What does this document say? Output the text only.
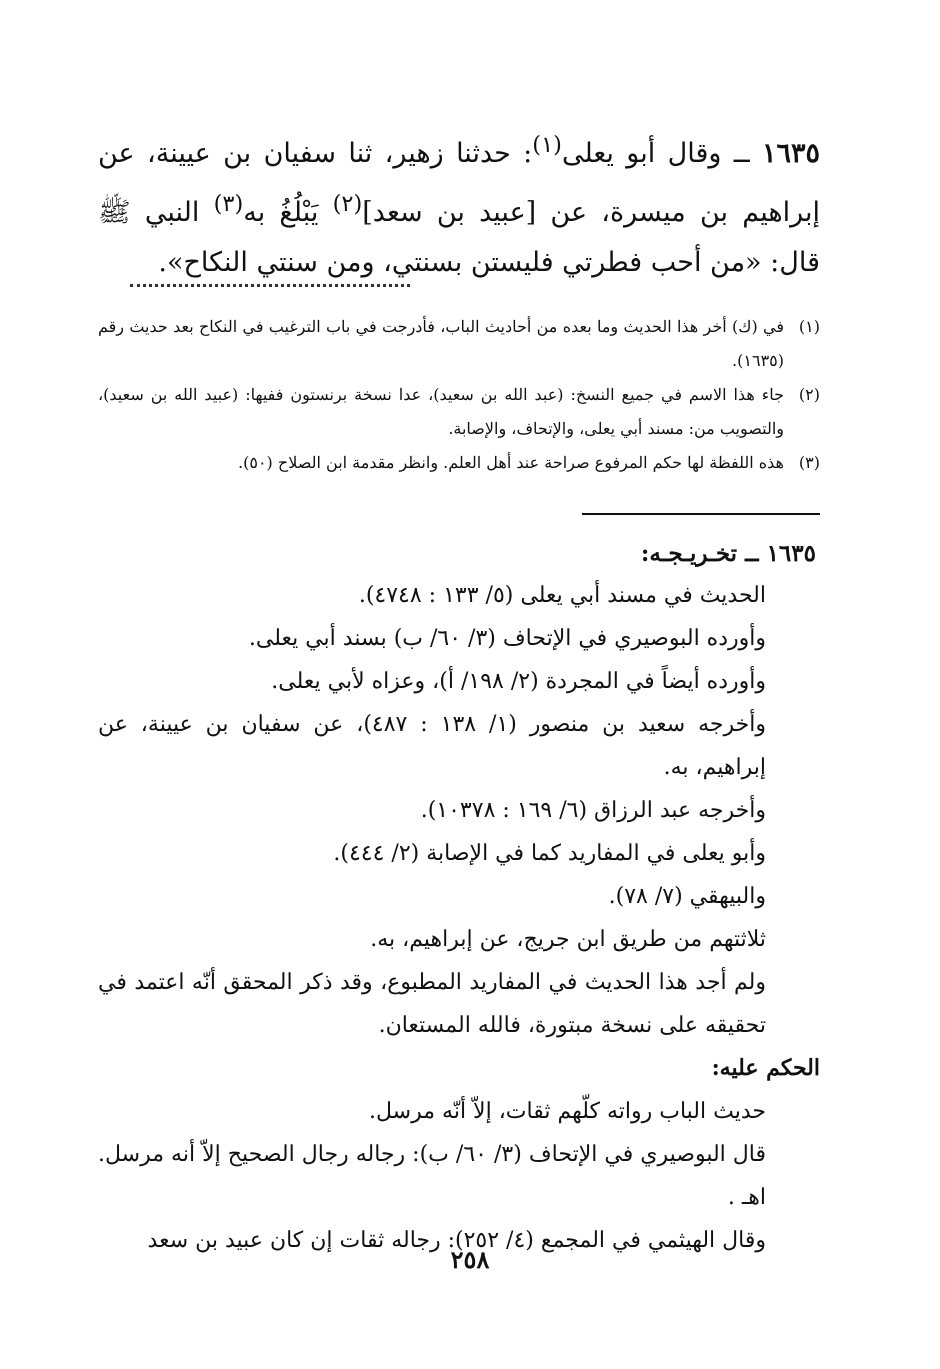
١٦٣٥ ــ وقال أبو يعلى$^{(١)}$: حدثنا زهير، ثنا سفيان بن عيينة، عن إبراهيم بن ميسرة، عن [عبيد بن سعد]$^{(٢)}$ يَبْلُغُ به$^{(٣)}$ النبي ﷺ قال: «من أحب فطرتي فليستن بسنتي، ومن سنتي النكاح».

(١)
في (ك) أخر هذا الحديث وما بعده من أحاديث الباب، فأدرجت في باب الترغيب في النكاح بعد حديث رقم (١٦٣٥).

(٢)
جاء هذا الاسم في جميع النسخ: (عبد الله بن سعيد)، عدا نسخة برنستون ففيها: (عبيد الله بن سعيد)، والتصويب من: مسند أبي يعلى، والإتحاف، والإصابة.

(٣)
هذه اللفظة لها حكم المرفوع صراحة عند أهل العلم. وانظر مقدمة ابن الصلاح (٥٠).

١٦٣٥ ــ تخـريـجـه:

الحديث في مسند أبي يعلى (٥/ ١٣٣ : ٤٧٤٨).

وأورده البوصيري في الإتحاف (٣/ ٦٠/ ب) بسند أبي يعلى.

وأورده أيضاً في المجردة (٢/ ١٩٨/ أ)، وعزاه لأبي يعلى.

وأخرجه سعيد بن منصور (١/ ١٣٨ : ٤٨٧)، عن سفيان بن عيينة، عن إبراهيم، به.

وأخرجه عبد الرزاق (٦/ ١٦٩ : ١٠٣٧٨).

وأبو يعلى في المفاريد كما في الإصابة (٢/ ٤٤٤).

والبيهقي (٧/ ٧٨).

ثلاثتهم من طريق ابن جريج، عن إبراهيم، به.

ولم أجد هذا الحديث في المفاريد المطبوع، وقد ذكر المحقق أنّه اعتمد في تحقيقه على نسخة مبتورة، فالله المستعان.

الحكم عليه:

حديث الباب رواته كلّهم ثقات، إلاّ أنّه مرسل.

قال البوصيري في الإتحاف (٣/ ٦٠/ ب): رجاله رجال الصحيح إلاّ أنه مرسل. اهـ .

وقال الهيثمي في المجمع (٤/ ٢٥٢): رجاله ثقات إن كان عبيد بن سعد

٢٥٨
